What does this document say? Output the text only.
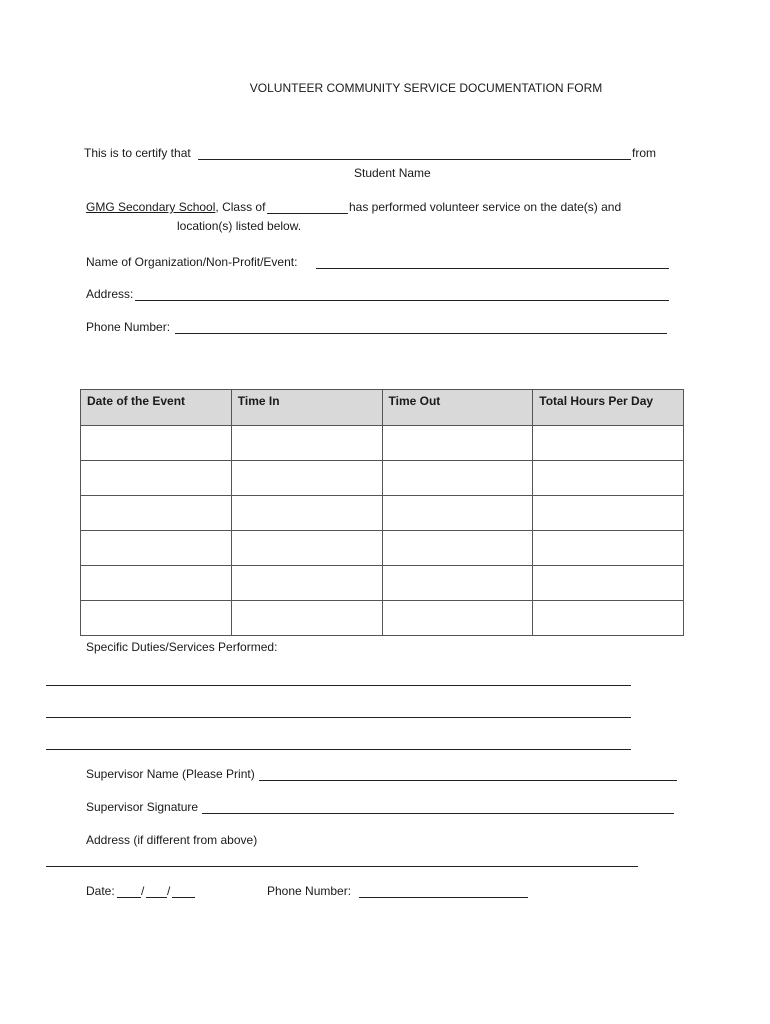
VOLUNTEER COMMUNITY SERVICE DOCUMENTATION FORM
This is to certify that	from
Student Name
GMG Secondary School, Class of	has performed volunteer service on the date(s) and
location(s) listed below.
Name of Organization/Non-Profit/Event:
Address:
Phone Number:
Date of the Event	Time In	Time Out	Total Hours Per Day

Specific Duties/Services Performed:
Supervisor Name (Please Print)
Supervisor Signature
Address (if different from above)
Date: / /	Phone Number:
